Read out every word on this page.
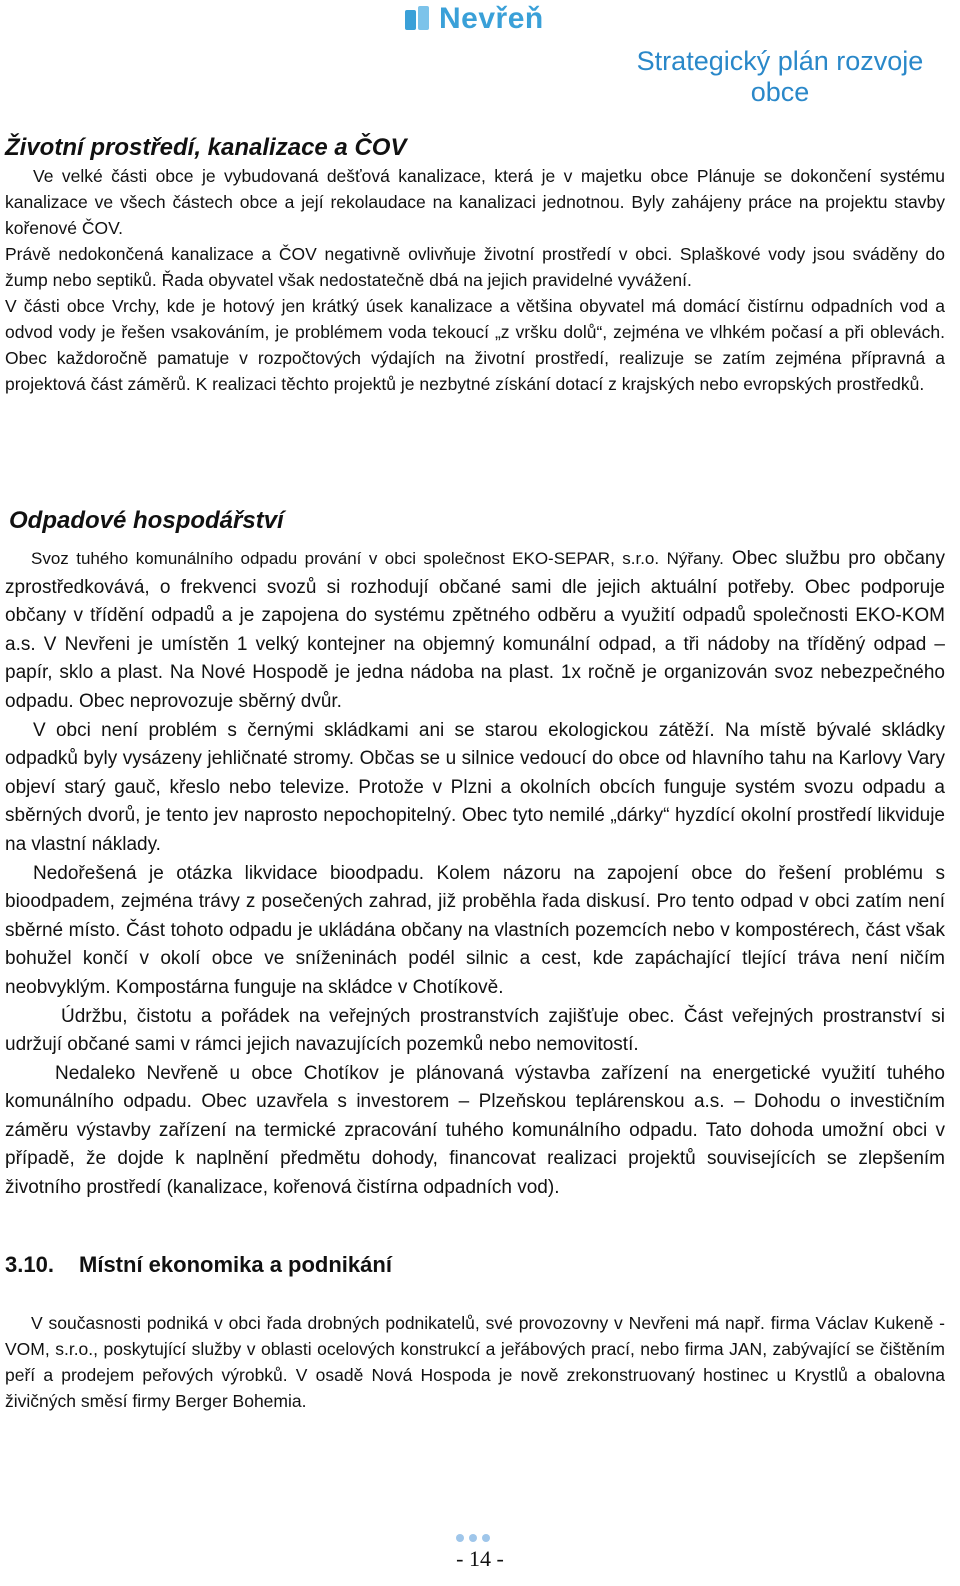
Nevřeň
Strategický plán rozvoje obce
Životní prostředí, kanalizace a ČOV

Ve velké části obce je vybudovaná dešťová kanalizace, která je v majetku obce Plánuje se dokončení systému kanalizace ve všech částech obce a její rekolaudace na kanalizaci jednotnou. Byly zahájeny práce na projektu stavby kořenové ČOV.

Právě nedokončená kanalizace a ČOV negativně ovlivňuje životní prostředí v obci. Splaškové vody jsou sváděny do žump nebo septiků. Řada obyvatel však nedostatečně dbá na jejich pravidelné vyvážení.

V části obce Vrchy, kde je hotový jen krátký úsek kanalizace a většina obyvatel má domácí čistírnu odpadních vod a odvod vody je řešen vsakováním, je problémem voda tekoucí „z vršku dolů“, zejména ve vlhkém počasí a při oblevách. Obec každoročně pamatuje v rozpočtových výdajích na životní prostředí, realizuje se zatím zejména přípravná a projektová část záměrů. K realizaci těchto projektů je nezbytné získání dotací z krajských nebo evropských prostředků.

Odpadové hospodářství

Svoz tuhého komunálního odpadu prování v obci společnost EKO-SEPAR, s.r.o. Nýřany. Obec službu pro občany zprostředkovává, o frekvenci svozů si rozhodují občané sami dle jejich aktuální potřeby. Obec podporuje občany v třídění odpadů a je zapojena do systému zpětného odběru a využití odpadů společnosti EKO-KOM a.s. V Nevřeni je umístěn 1 velký kontejner na objemný komunální odpad, a tři nádoby na tříděný odpad – papír, sklo a plast. Na Nové Hospodě je jedna nádoba na plast. 1x ročně je organizován svoz nebezpečného odpadu. Obec neprovozuje sběrný dvůr.

V obci není problém s černými skládkami ani se starou ekologickou zátěží. Na místě bývalé skládky odpadků byly vysázeny jehličnaté stromy. Občas se u silnice vedoucí do obce od hlavního tahu na Karlovy Vary objeví starý gauč, křeslo nebo televize. Protože v Plzni a okolních obcích funguje systém svozu odpadu a sběrných dvorů, je tento jev naprosto nepochopitelný. Obec tyto nemilé „dárky“ hyzdící okolní prostředí likviduje na vlastní náklady.

Nedořešená je otázka likvidace bioodpadu. Kolem názoru na zapojení obce do řešení problému s bioodpadem, zejména trávy z posečených zahrad, již proběhla řada diskusí. Pro tento odpad v obci zatím není sběrné místo. Část tohoto odpadu je ukládána občany na vlastních pozemcích nebo v kompostérech, část však bohužel končí v okolí obce ve sníženinách podél silnic a cest, kde zapáchající tlející tráva není ničím neobvyklým. Kompostárna funguje na skládce v Chotíkově.

Údržbu, čistotu a pořádek na veřejných prostranstvích zajišťuje obec. Část veřejných prostranství si udržují občané sami v rámci jejich navazujících pozemků nebo nemovitostí.

Nedaleko Nevřeně u obce Chotíkov je plánovaná výstavba zařízení na energetické využití tuhého komunálního odpadu. Obec uzavřela s investorem – Plzeňskou teplárenskou a.s. – Dohodu o investičním záměru výstavby zařízení na termické zpracování tuhého komunálního odpadu. Tato dohoda umožní obci v případě, že dojde k naplnění předmětu dohody, financovat realizaci projektů souvisejících se zlepšením životního prostředí (kanalizace, kořenová čistírna odpadních vod).

3.10. Místní ekonomika a podnikání

V současnosti podniká v obci řada drobných podnikatelů, své provozovny v Nevřeni má např. firma Václav Kukeně - VOM, s.r.o., poskytující služby v oblasti ocelových konstrukcí a jeřábových prací, nebo firma JAN, zabývající se čištěním peří a prodejem peřových výrobků. V osadě Nová Hospoda je nově zrekonstruovaný hostinec u Krystlů a obalovna živičných směsí firmy Berger Bohemia.

- 14 -
